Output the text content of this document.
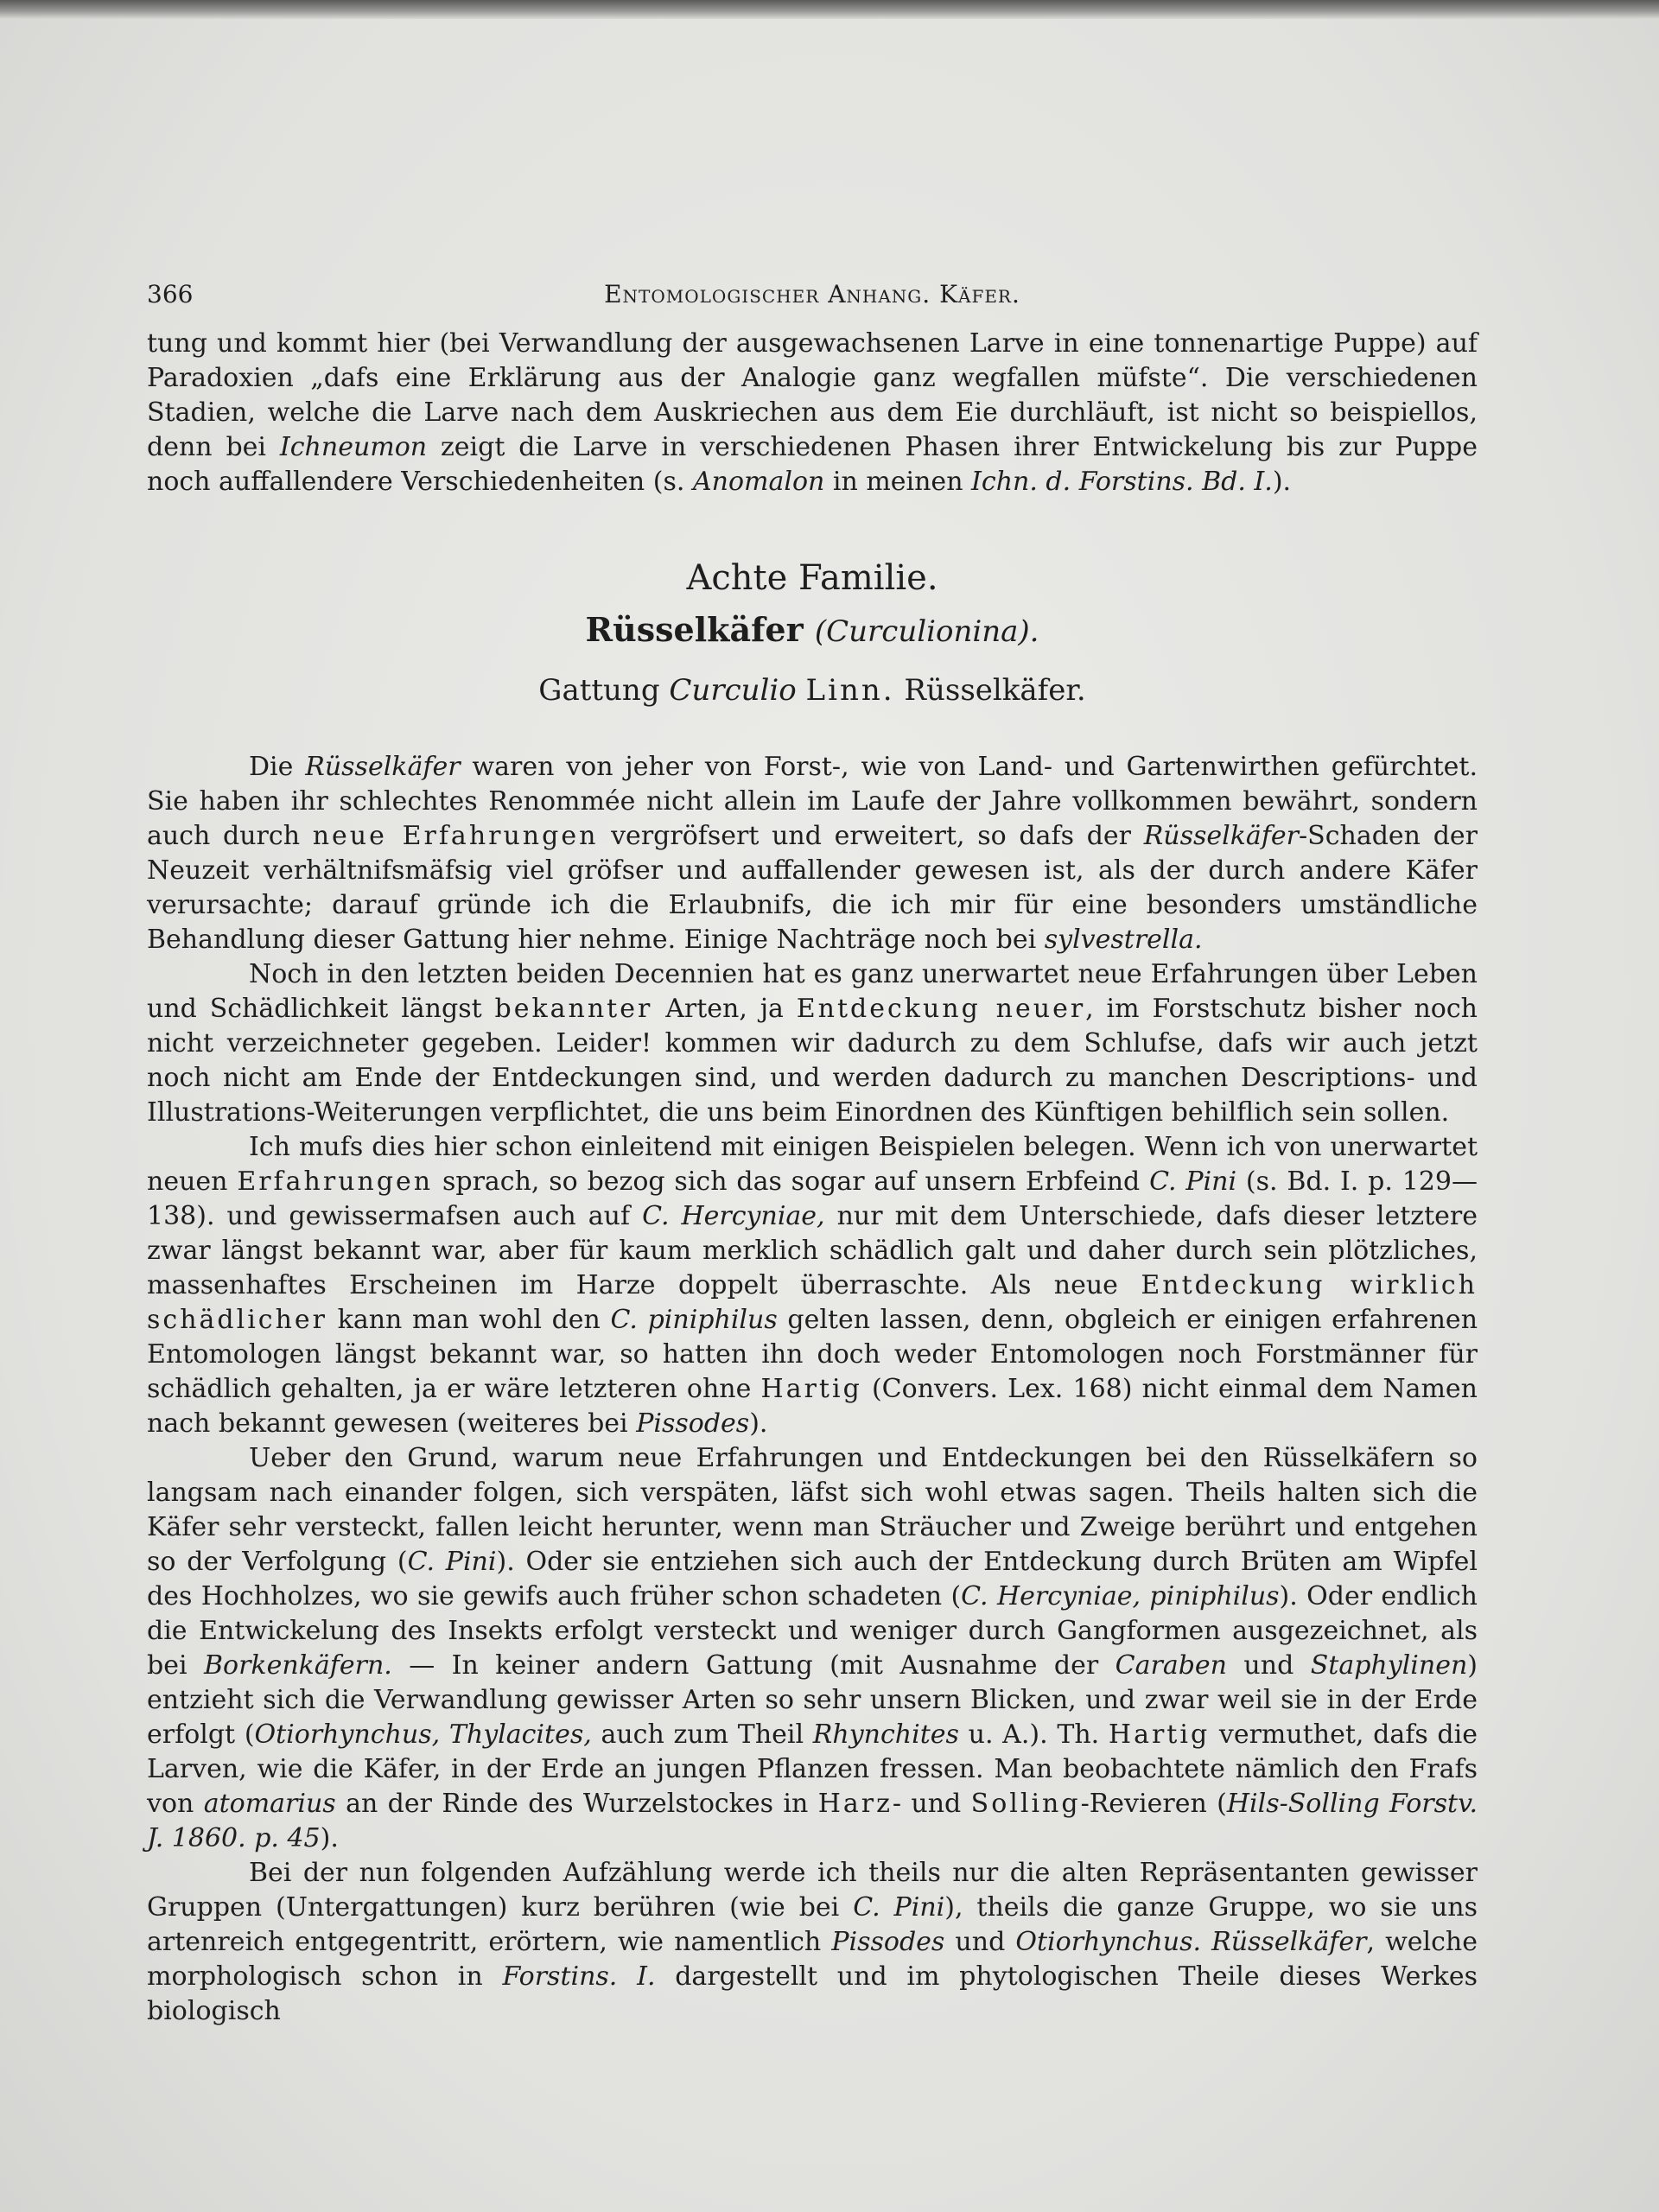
366	Entomologischer Anhang. Käfer.

tung und kommt hier (bei Verwandlung der ausgewachsenen Larve in eine tonnenartige Puppe) auf Paradoxien „dafs eine Erklärung aus der Analogie ganz wegfallen müfste“. Die verschiedenen Stadien, welche die Larve nach dem Auskriechen aus dem Eie durchläuft, ist nicht so beispiellos, denn bei Ichneumon zeigt die Larve in verschiedenen Phasen ihrer Entwickelung bis zur Puppe noch auffallendere Verschiedenheiten (s. Anomalon in meinen Ichn. d. Forstins. Bd. I.).

Achte Familie.
Rüsselkäfer (Curculionina).
Gattung Curculio Linn. Rüsselkäfer.

Die Rüsselkäfer waren von jeher von Forst-, wie von Land- und Gartenwirthen gefürchtet. Sie haben ihr schlechtes Renommée nicht allein im Laufe der Jahre vollkommen bewährt, sondern auch durch neue Erfahrungen vergröfsert und erweitert, so dafs der Rüsselkäfer-Schaden der Neuzeit verhältnifsmäfsig viel gröfser und auffallender gewesen ist, als der durch andere Käfer verursachte; darauf gründe ich die Erlaubnifs, die ich mir für eine besonders umständliche Behandlung dieser Gattung hier nehme. Einige Nachträge noch bei sylvestrella.

Noch in den letzten beiden Decennien hat es ganz unerwartet neue Erfahrungen über Leben und Schädlichkeit längst bekannter Arten, ja Entdeckung neuer, im Forstschutz bisher noch nicht verzeichneter gegeben. Leider! kommen wir dadurch zu dem Schlufse, dafs wir auch jetzt noch nicht am Ende der Entdeckungen sind, und werden dadurch zu manchen Descriptions- und Illustrations-Weiterungen verpflichtet, die uns beim Einordnen des Künftigen behilflich sein sollen.

Ich mufs dies hier schon einleitend mit einigen Beispielen belegen. Wenn ich von unerwartet neuen Erfahrungen sprach, so bezog sich das sogar auf unsern Erbfeind C. Pini (s. Bd. I. p. 129—138). und gewissermafsen auch auf C. Hercyniae, nur mit dem Unterschiede, dafs dieser letztere zwar längst bekannt war, aber für kaum merklich schädlich galt und daher durch sein plötzliches, massenhaftes Erscheinen im Harze doppelt überraschte. Als neue Entdeckung wirklich schädlicher kann man wohl den C. piniphilus gelten lassen, denn, obgleich er einigen erfahrenen Entomologen längst bekannt war, so hatten ihn doch weder Entomologen noch Forstmänner für schädlich gehalten, ja er wäre letzteren ohne Hartig (Convers. Lex. 168) nicht einmal dem Namen nach bekannt gewesen (weiteres bei Pissodes).

Ueber den Grund, warum neue Erfahrungen und Entdeckungen bei den Rüsselkäfern so langsam nach einander folgen, sich verspäten, läfst sich wohl etwas sagen. Theils halten sich die Käfer sehr versteckt, fallen leicht herunter, wenn man Sträucher und Zweige berührt und entgehen so der Verfolgung (C. Pini). Oder sie entziehen sich auch der Entdeckung durch Brüten am Wipfel des Hochholzes, wo sie gewifs auch früher schon schadeten (C. Hercyniae, piniphilus). Oder endlich die Entwickelung des Insekts erfolgt versteckt und weniger durch Gangformen ausgezeichnet, als bei Borkenkäfern. — In keiner andern Gattung (mit Ausnahme der Caraben und Staphylinen) entzieht sich die Verwandlung gewisser Arten so sehr unsern Blicken, und zwar weil sie in der Erde erfolgt (Otiorhynchus, Thylacites, auch zum Theil Rhynchites u. A.). Th. Hartig vermuthet, dafs die Larven, wie die Käfer, in der Erde an jungen Pflanzen fressen. Man beobachtete nämlich den Frafs von atomarius an der Rinde des Wurzelstockes in Harz- und Solling-Revieren (Hils-Solling Forstv. J. 1860. p. 45).

Bei der nun folgenden Aufzählung werde ich theils nur die alten Repräsentanten gewisser Gruppen (Untergattungen) kurz berühren (wie bei C. Pini), theils die ganze Gruppe, wo sie uns artenreich entgegentritt, erörtern, wie namentlich Pissodes und Otiorhynchus. Rüsselkäfer, welche morphologisch schon in Forstins. I. dargestellt und im phytologischen Theile dieses Werkes biologisch
